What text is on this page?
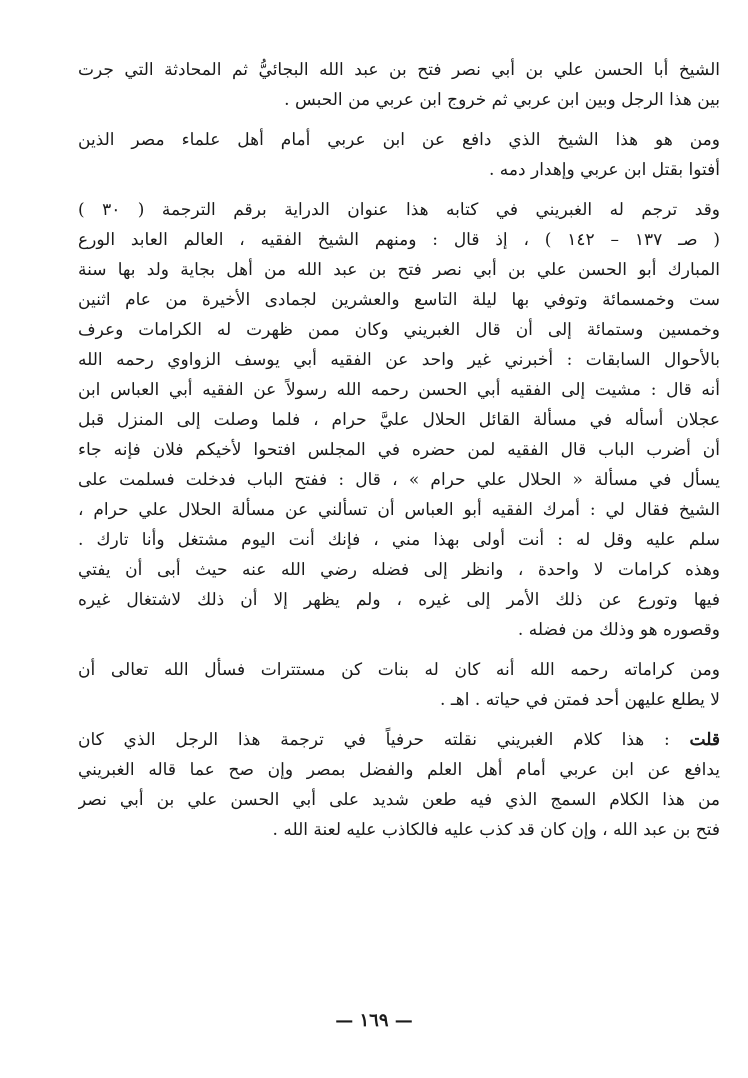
الشيخ أبا الحسن علي بن أبي نصر فتح بن عبد الله البجائيُّ ثم المحادثة التي جرت
بين هذا الرجل وبين ابن عربي ثم خروج ابن عربي من الحبس .
ومن هو هذا الشيخ الذي دافع عن ابن عربي أمام أهل علماء مصر الذين
أفتوا بقتل ابن عربي وإهدار دمه .
وقد ترجم له الغبريني في كتابه هذا عنوان الدراية برقم الترجمة ( ٣٠ )
( صـ ١٣٧ – ١٤٢ ) ، إذ قال : ومنهم الشيخ الفقيه ، العالم العابد الورع
المبارك أبو الحسن علي بن أبي نصر فتح بن عبد الله من أهل بجاية ولد بها سنة
ست وخمسمائة وتوفي بها ليلة التاسع والعشرين لجمادى الأخيرة من عام اثنين
وخمسين وستمائة إلى أن قال الغبريني وكان ممن ظهرت له الكرامات وعرف
بالأحوال السابقات : أخبرني غير واحد عن الفقيه أبي يوسف الزواوي رحمه الله
أنه قال : مشيت إلى الفقيه أبي الحسن رحمه الله رسولاً عن الفقيه أبي العباس ابن
عجلان أسأله في مسألة القائل الحلال عليَّ حرام ، فلما وصلت إلى المنزل قبل
أن أضرب الباب قال الفقيه لمن حضره في المجلس افتحوا لأخيكم فلان فإنه جاء
يسأل في مسألة « الحلال علي حرام » ، قال : ففتح الباب فدخلت فسلمت على
الشيخ فقال لي : أمرك الفقيه أبو العباس أن تسألني عن مسألة الحلال علي حرام ،
سلم عليه وقل له : أنت أولى بهذا مني ، فإنك أنت اليوم مشتغل وأنا تارك .
وهذه كرامات لا واحدة ، وانظر إلى فضله رضي الله عنه حيث أبى أن يفتي
فيها وتورع عن ذلك الأمر إلى غيره ، ولم يظهر إلا أن ذلك لاشتغال غيره
وقصوره هو وذلك من فضله .
ومن كراماته رحمه الله أنه كان له بنات كن مستترات فسأل الله تعالى أن
لا يطلع عليهن أحد فمتن في حياته . اهـ .
قلت : هذا كلام الغبريني نقلته حرفياً في ترجمة هذا الرجل الذي كان
يدافع عن ابن عربي أمام أهل العلم والفضل بمصر وإن صح عما قاله الغبريني
من هذا الكلام السمج الذي فيه طعن شديد على أبي الحسن علي بن أبي نصر
فتح بن عبد الله ، وإن كان قد كذب عليه فالكاذب عليه لعنة الله .
— ١٦٩ —
